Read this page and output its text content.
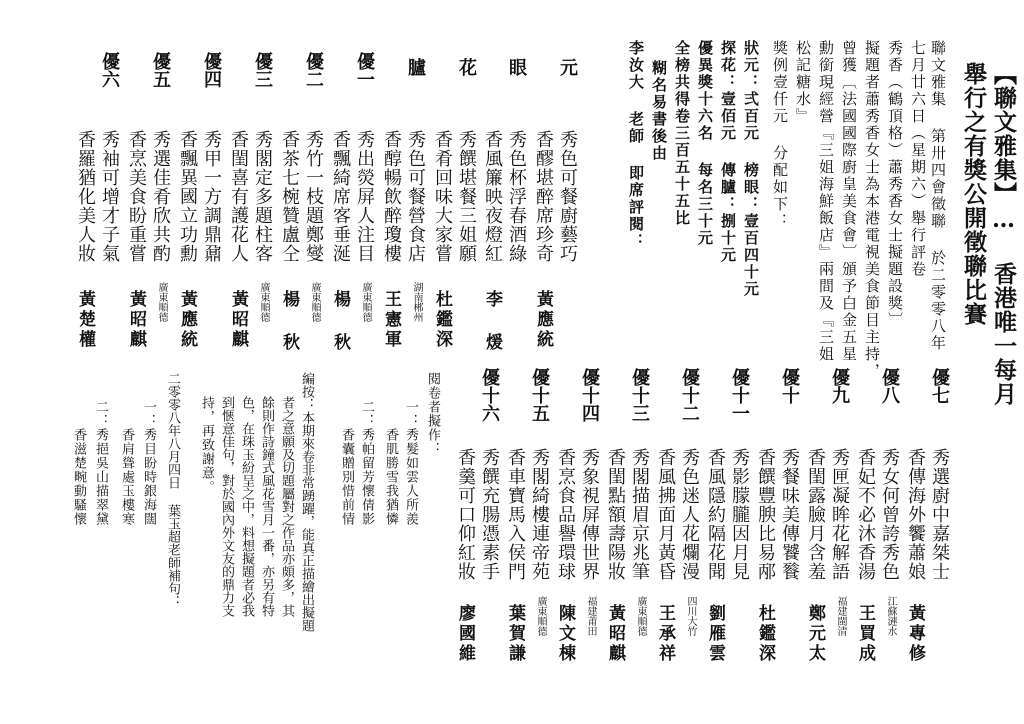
【聯文雅集】… 香港唯一每月
舉行之有獎公開徵聯比賽
聯文雅集 第卅四會徵聯 於二零零八年
七月廿六日（星期六）舉行評卷
秀香（鶴頂格）蕭秀香女士擬題設獎〕
擬題者蕭秀香女士為本港電視美食節目主持，
曾獲〔法國國際廚皇美食會〕頒予白金五星
勳銜現經營『三姐海鮮飯店』兩間及『三姐
松記糖水』
獎例壹仟元 分配如下：
狀元：弍百元 榜眼：壹百四十元
探花：壹佰元 傳臚：捌十元
優異獎十六名 每名三十元
全榜共得卷三百五十五比
糊名易書後由
李汝大 老師 即席評閱：
元
秀色可餐廚藝巧
香醪堪醉席珍奇
黃應統
眼
秀色杯浮春酒綠
香風簾映夜燈紅
李 煖
花
秀饌堪餐三姐願
香肴回味大家嘗
杜鑑深
臚
秀色可餐營食店
香醇暢飲醉瓊樓
湖南郴州
王憲軍
優一
秀出熒屏人注目
香飄綺席客垂涎
廣東順德
楊 秋
優二
秀竹一枝題鄭燮
香茶七椀贊盧仝
廣東順德
楊 秋
優三
秀閣定多題柱客
香閨喜有護花人
廣東順德
黃昭麒
優四
秀甲一方調鼎鼐
香飄異國立功勳
黃應統
優五
秀選佳肴欣共酌
香烹美食盼重嘗
廣東順德
黃昭麒
優六
秀袖可增才子氣
香羅猶化美人妝
黃楚權
優七
秀選廚中嘉桀士
香傳海外饗蕭娘
黃專修
優八
秀女何曾誇秀色
香妃不必沐香湯
江蘇漣水
王買成
優九
秀匣凝眸花解語
香閨露臉月含羞
福建閩清
鄭元太
優十
秀餐味美傳饕餮
香饌豐腴比易邴
杜鑑深
優十一
秀影朦朧因月見
香風隱約隔花聞
劉雁雲
優十二
秀色迷人花爛漫
香風拂面月黃昏
四川大竹
王承祥
優十三
秀閣描眉京兆筆
香閨點額壽陽妝
廣東順德
黃昭麒
優十四
秀象視屏傳世界
香烹食品譽環球
福建莆田
陳文棟
優十五
秀閣綺樓連帝苑
香車寶馬入侯門
廣東順德
葉賀謙
優十六
秀饌充腸憑素手
香羹可口仰紅妝
廖國維
閱卷者擬作：
一：秀髮如雲人所羨
香肌勝雪我猶憐
二：秀帕留芳懷倩影
香囊贈別惜前情
編按：本期來卷非常踴躍，能真正描繪出擬題
者之意願及切題屬對之作品亦頗多，其
餘則作詩鐘式風花雪月一番，亦另有特
色，在珠玉紛呈之中，料想擬題者必我
到愜意佳句，對於國內外文友的鼎力支
持，再致謝意。
二零零八年八月四日 葉玉超老師補句：
一：秀目盼時銀海闊
香肩聳處玉樓寒
二：秀挹吳山描翠黛
香滋楚畹動騷懷
